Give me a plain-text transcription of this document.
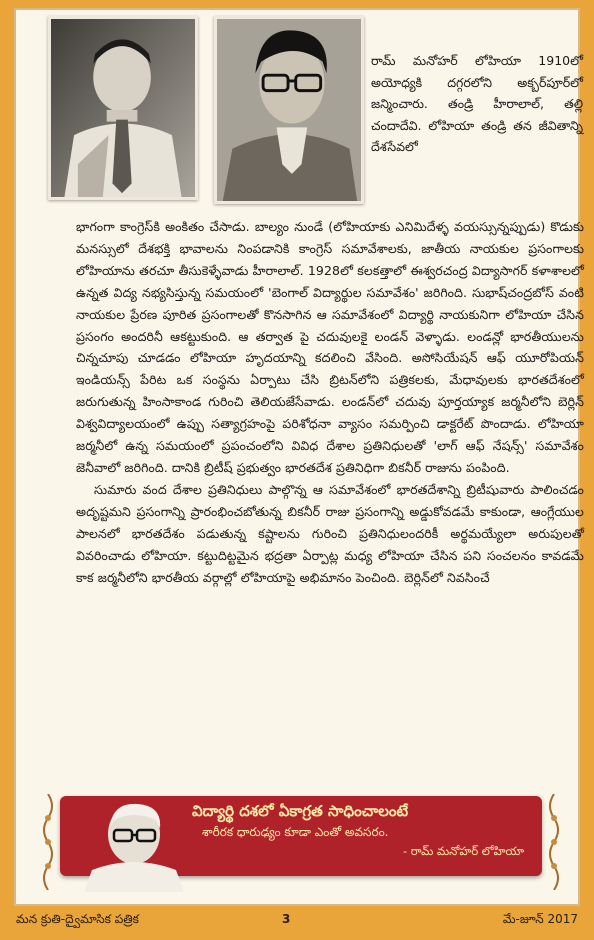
రామ్ మనోహర్ లోహియా 1910లో అయోధ్యకి దగ్గరలోని అక్బర్‌పూర్‌లో జన్మించారు. తండ్రి హీరాలాల్, తల్లి చందాదేవి. లోహియా తండ్రి తన జీవితాన్ని దేశసేవలో

భాగంగా కాంగ్రెస్‌కి అంకితం చేసాడు. బాల్యం నుండే (లోహియాకు ఎనిమిదేళ్ళ వయస్సున్నప్పుడు) కొడుకు మనస్సులో దేశభక్తి భావాలను నింపడానికి కాంగ్రెస్ సమావేశాలకు, జాతీయ నాయకుల ప్రసంగాలకు లోహియాను తరచూ తీసుకెళ్ళేవాడు హీరాలాల్. 1928లో కలకత్తాలో ఈశ్వరచంద్ర విద్యాసాగర్ కళాశాలలో ఉన్నత విద్య నభ్యసిస్తున్న సమయంలో 'బెంగాల్ విద్యార్థుల సమావేశం' జరిగింది. సుభాష్‌చంద్రబోస్ వంటి నాయకుల ప్రేరణ పూరిత ప్రసంగాలతో కొనసాగిన ఆ సమావేశంలో విద్యార్థి నాయకునిగా లోహియా చేసిన ప్రసంగం అందరినీ ఆకట్టుకుంది. ఆ తర్వాత పై చదువులకై లండన్ వెళ్ళాడు. లండన్లో భారతీయులను చిన్నచూపు చూడడం లోహియా హృదయాన్ని కదలించి వేసింది. అసోసియేషన్ ఆఫ్ యూరోపియన్ ఇండియన్స్ పేరిట ఒక సంస్థను ఏర్పాటు చేసి బ్రిటన్‌లోని పత్రికలకు, మేధావులకు భారతదేశంలో జరుగుతున్న హింసాకాండ గురించి తెలియజేసేవాడు. లండన్‌లో చదువు పూర్తయ్యాక జర్మనీలోని బెర్లిన్ విశ్వవిద్యాలయంలో ఉప్పు సత్యాగ్రహంపై పరిశోధనా వ్యాసం సమర్పించి డాక్టరేట్ పొందాడు. లోహియా జర్మనీలో ఉన్న సమయంలో ప్రపంచంలోని వివిధ దేశాల ప్రతినిధులతో 'లాగ్ ఆఫ్ నేషన్స్' సమావేశం జెనీవాలో జరిగింది. దానికి బ్రిటీష్ ప్రభుత్వం భారతదేశ ప్రతినిధిగా బికనీర్ రాజును పంపింది.

సుమారు వంద దేశాల ప్రతినిధులు పాల్గొన్న ఆ సమావేశంలో భారతదేశాన్ని బ్రిటీషువారు పాలించడం అదృష్టమని ప్రసంగాన్ని ప్రారంభించబోతున్న బికనీర్ రాజు ప్రసంగాన్ని అడ్డుకోవడమే కాకుండా, ఆంగ్లేయుల పాలనలో భారతదేశం పడుతున్న కష్టాలను గురించి ప్రతినిధులందరికీ అర్థమయ్యేలా అరుపులతో వివరించాడు లోహియా. కట్టుదిట్టమైన భద్రతా ఏర్పాట్ల మధ్య లోహియా చేసిన పని సంచలనం కావడమే కాక జర్మనీలోని భారతీయ వర్గాల్లో లోహియాపై అభిమానం పెంచింది. బెర్లిన్‌లో నివసించే

విద్యార్థి దశలో ఏకాగ్రత సాధించాలంటే
శారీరక ధారుఢ్యం కూడా ఎంతో అవసరం.
- రామ్ మనోహర్ లోహియా
మన క్రుతి-ద్వైమాసిక పత్రిక	3	మే-జూన్ 2017
